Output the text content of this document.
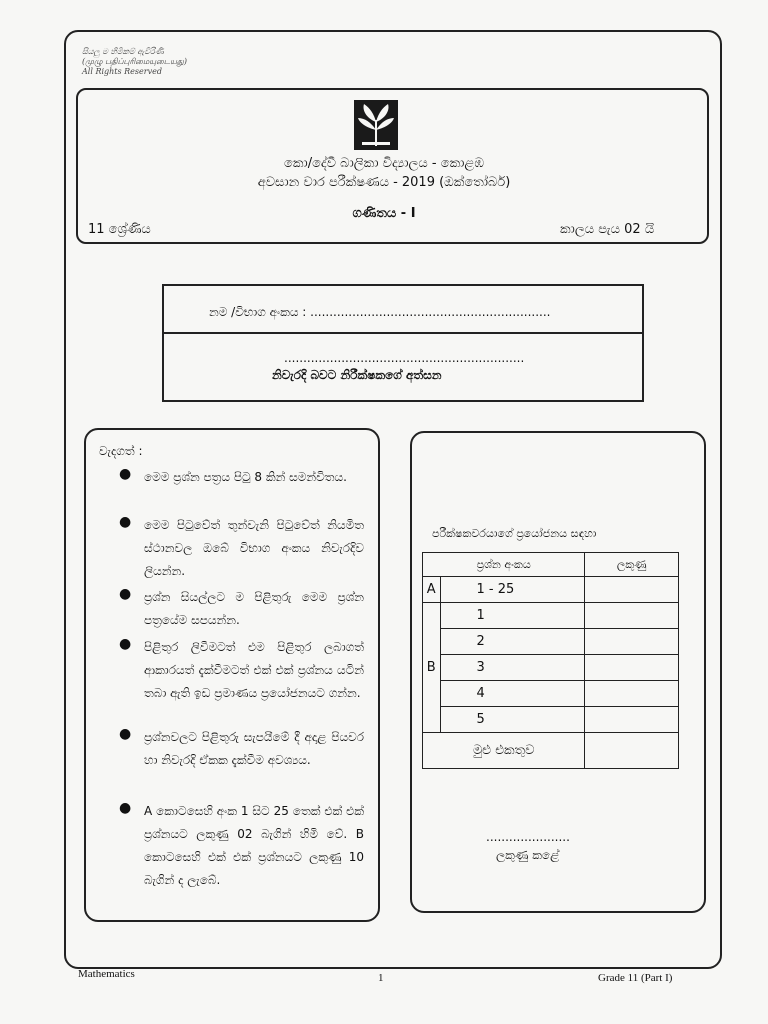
සියලු ම හිමිකම් ඇවිරිණි
(முழு பதிப்புரிமையுடையது)
All Rights Reserved
කො/දේවී බාලිකා විද්‍යාලය - කොළඹ
අවසාන වාර පරීක්ෂණය - 2019 (ඔක්තෝබර්)
ගණිතය - I
11 ශ්‍රේණිය	කාලය පැය 02 යි
නම /විභාග අංකය : ...............................................................
...............................................................
නිවැරදි බවට නිරීක්ෂකගේ අත්සන
වැදගත් :
● මෙම ප්‍රශ්න පත්‍රය පිටු 8 කින් සමන්විතය.
● මෙම පිටුවේත් තුන්වැනි පිටුවේත් නියමිත ස්ථානවල ඔබේ විභාග අංකය නිවැරදිව ලියන්න.
● ප්‍රශ්න සියල්ලට ම පිළිතුරු මෙම ප්‍රශ්න පත්‍රයේම සපයන්න.
● පිළිතුර ලිවීමටත් එම පිළිතුර ලබාගත් ආකාරයත් දැක්වීමටත් එක් එක් ප්‍රශ්නය යටින් තබා ඇති ඉඩ ප්‍රමාණය ප්‍රයෝජනයට ගන්න.
● ප්‍රශ්නවලට පිළිතුරු සැපයීමේ දී අදාළ පියවර හා නිවැරදි ඒකක දැක්වීම අවශ්‍යය.
● A කොටසෙහි අංක 1 සිට 25 තෙක් එක් එක් ප්‍රශ්නයට ලකුණු 02 බැගින් හිමි වේ. B කොටසෙහි එක් එක් ප්‍රශ්නයට ලකුණු 10 බැගින් ද ලැබේ.
පරීක්ෂකවරයාගේ ප්‍රයෝජනය සඳහා
ප්‍රශ්න අංකය		ලකුණු
A	1 - 25	
B	1	
	2	
	3	
	4	
	5	
මුළු එකතුව		
......................
ලකුණු කළේ
Mathematics	1	Grade 11 (Part I)
